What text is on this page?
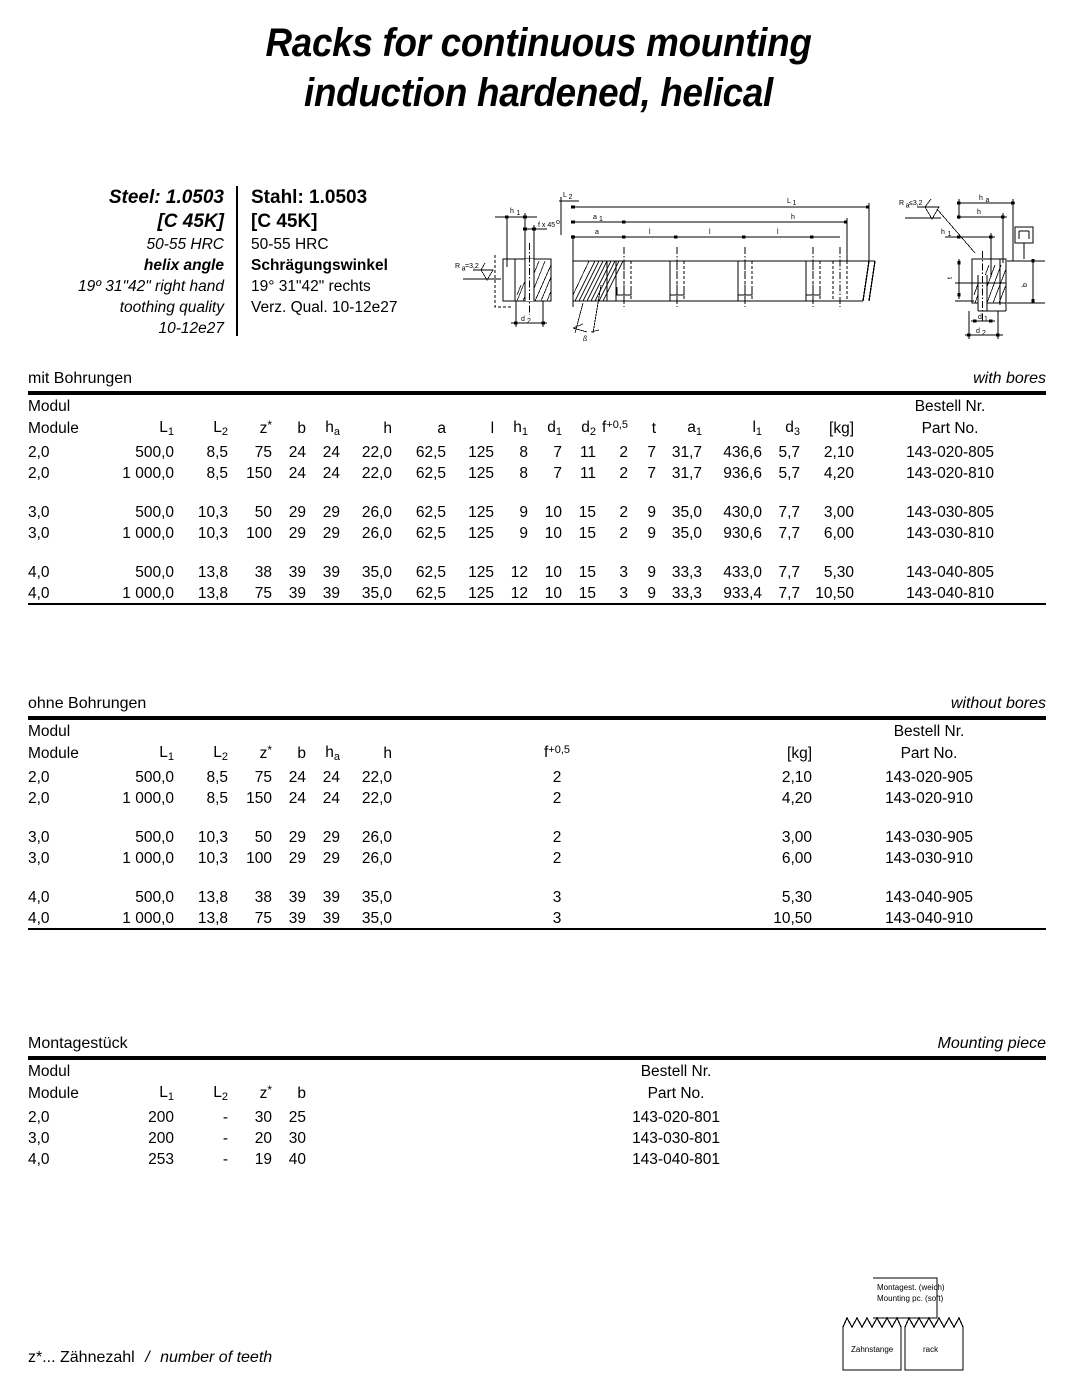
Racks for continuous mounting
induction hardened, helical
Steel: 1.0503
[C 45K]
50-55 HRC
helix angle
19º 31ʺ42ʺ right hand
toothing quality
10-12e27
Stahl: 1.0503
[C 45K]
50-55 HRC
Schrägungswinkel
19° 31ʺ42ʺ rechts
Verz. Qual. 10-12e27
R a =3,2
h 1
f x 45 o
d 2
L 2
L 1
a 1	h
a	l	l	l
ß
R a ≤3,2
h a
h
h 1
t
b
d 1
d 2
mit Bohrungen	with bores
Modul																		Bestell Nr.
Module	$L_1$	$L_2$	z*	b	$h_a$	h	a	l	$h_1$	$d_1$	$d_2$	$f^{+0,5}$	t	$a_1$	$l_1$	$d_3$	[kg]	Part No.
2,0	500,0	8,5	75	24	24	22,0	62,5	125	8	7	11	2	7	31,7	436,6	5,7	2,10	143-020-805
2,0	1 000,0	8,5	150	24	24	22,0	62,5	125	8	7	11	2	7	31,7	936,6	5,7	4,20	143-020-810

3,0	500,0	10,3	50	29	29	26,0	62,5	125	9	10	15	2	9	35,0	430,0	7,7	3,00	143-030-805
3,0	1 000,0	10,3	100	29	29	26,0	62,5	125	9	10	15	2	9	35,0	930,6	7,7	6,00	143-030-810

4,0	500,0	13,8	38	39	39	35,0	62,5	125	12	10	15	3	9	33,3	433,0	7,7	5,30	143-040-805
4,0	1 000,0	13,8	75	39	39	35,0	62,5	125	12	10	15	3	9	33,3	933,4	7,7	10,50	143-040-810
ohne Bohrungen	without bores
Modul									Bestell Nr.
Module	$L_1$	$L_2$	z*	b	$h_a$	h	$f^{+0,5}$	[kg]	Part No.
2,0	500,0	8,5	75	24	24	22,0	2	2,10	143-020-905
2,0	1 000,0	8,5	150	24	24	22,0	2	4,20	143-020-910

3,0	500,0	10,3	50	29	29	26,0	2	3,00	143-030-905
3,0	1 000,0	10,3	100	29	29	26,0	2	6,00	143-030-910

4,0	500,0	13,8	38	39	39	35,0	3	5,30	143-040-905
4,0	1 000,0	13,8	75	39	39	35,0	3	10,50	143-040-910
Montagestück	Mounting piece
Modul					Bestell Nr.
Module	$L_1$	$L_2$	z*	b	Part No.
2,0	200	-	30	25	143-020-801
3,0	200	-	20	30	143-030-801
4,0	253	-	19	40	143-040-801
Montagest. (weich)
Mounting pc. (soft)
Zahnstange	rack
z*... Zähnezahl / number of teeth
